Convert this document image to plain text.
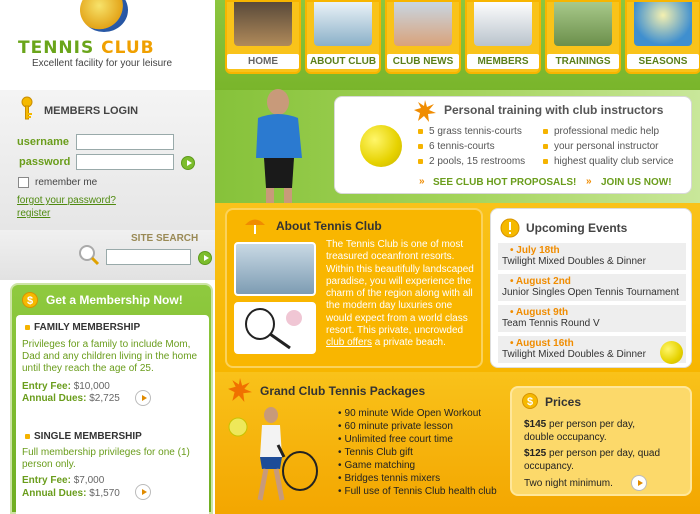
TENNIS CLUB
Excellent facility for your leisure	HOME	ABOUT CLUB	CLUB NEWS	MEMBERS	TRAININGS	SEASONS
MEMBERS LOGIN
username
password
remember me
forgot your password?
register
SITE SEARCH
$	Get a Membership Now!
FAMILY MEMBERSHIP
Privileges for a family to include Mom,
Dad and any children living in the home
until they reach the age of 25.
Entry Fee: $10,000
Annual Dues: $2,725
SINGLE MEMBERSHIP
Full membership privileges for one (1)
person only.
Entry Fee: $7,000
Annual Dues: $1,570
Personal training with club instructors
5 grass tennis-courts
6 tennis-courts
2 pools, 15 restrooms
professional medic help
your personal instructor
highest quality club service
» SEE CLUB HOT PROPOSALS! » JOIN US NOW!
About Tennis Club
The Tennis Club is one of most
treasured oceanfront resorts.
Within this beautifully landscaped
paradise, you will experience the
charm of the region along with all
the modern day luxuries one
would expect from a world class
resort. This private, uncrowded
club offers a private beach.
Upcoming Events
• July 18th
Twilight Mixed Doubles & Dinner
• August 2nd
Junior Singles Open Tennis Tournament
• August 9th
Team Tennis Round V
• August 16th
Twilight Mixed Doubles & Dinner
Grand Club Tennis Packages
• 90 minute Wide Open Workout
• 60 minute private lesson
• Unlimited free court time
• Tennis Club gift
• Game matching
• Bridges tennis mixers
• Full use of Tennis Club health club
$ Prices
$145 per person per day,
double occupancy.
$125 per person per day, quad
occupancy.
Two night minimum.
